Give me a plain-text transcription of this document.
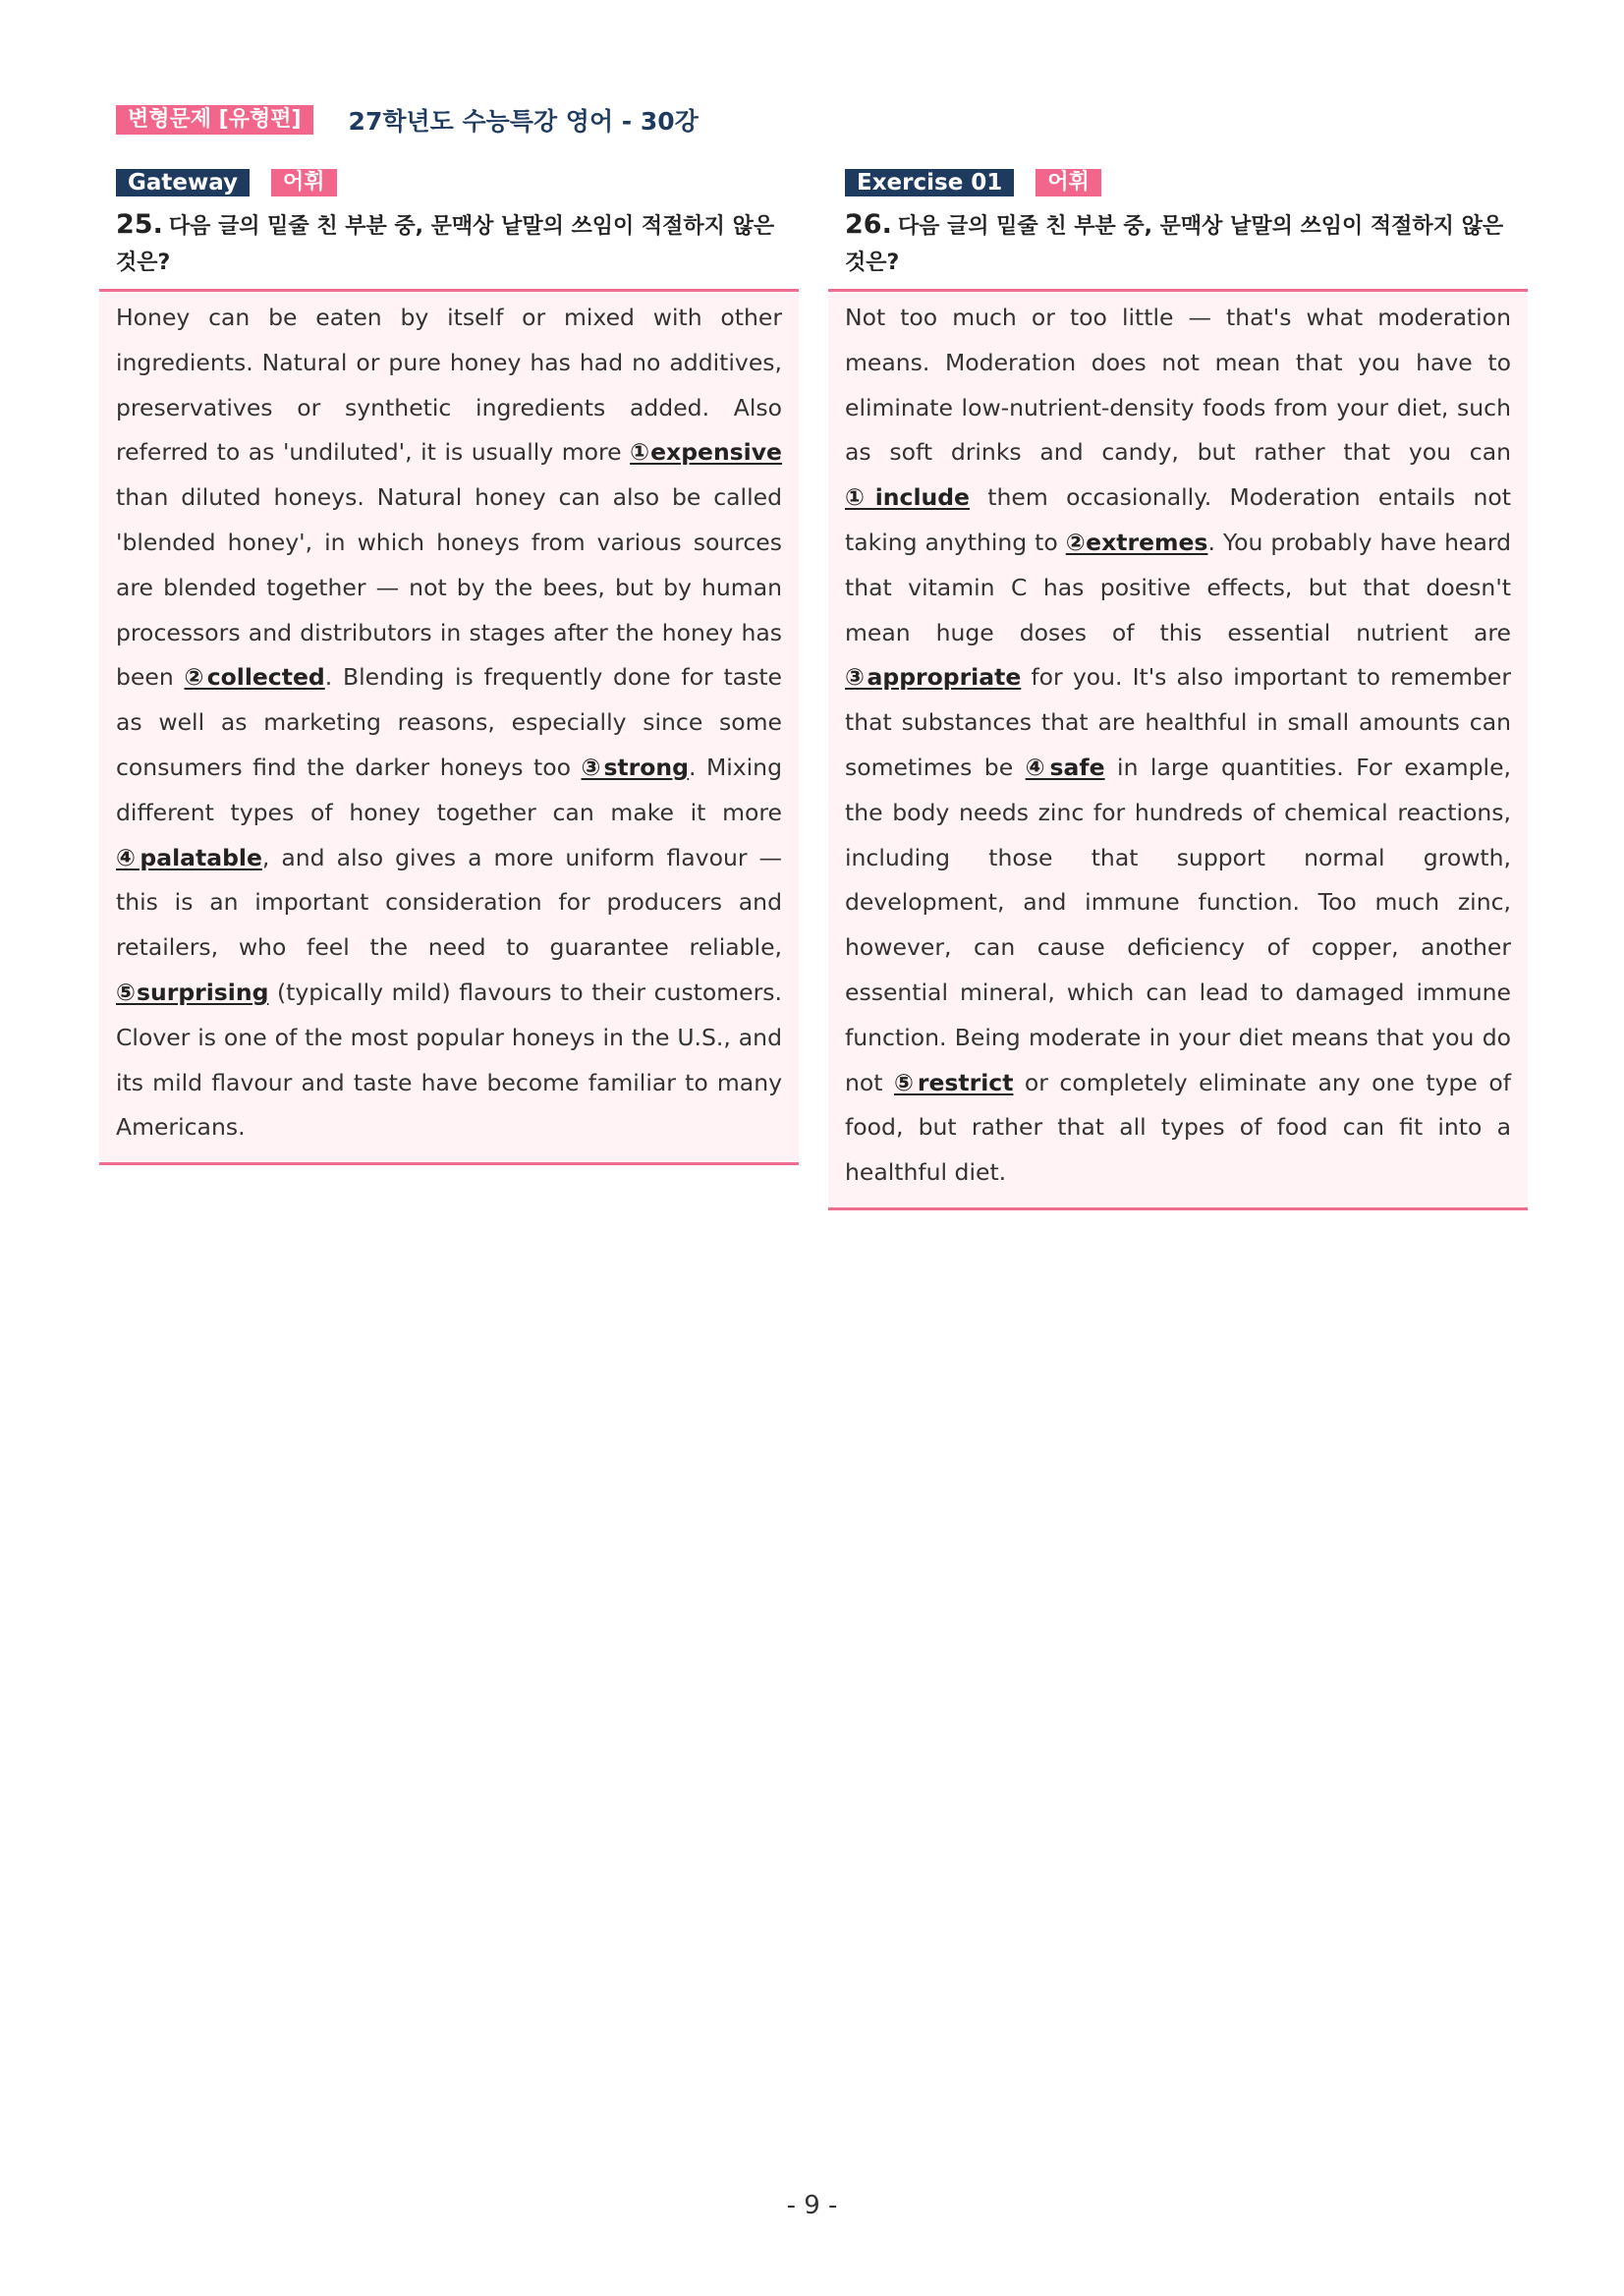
변형문제 [유형편]	27학년도 수능특강 영어 - 30강
Gateway	어휘
25. 다음 글의 밑줄 친 부분 중, 문맥상 낱말의 쓰임이 적절하지 않은 것은?

Honey can be eaten by itself or mixed with other ingredients. Natural or pure honey has had no additives, preservatives or synthetic ingredients added. Also referred to as 'undiluted', it is usually more ①expensive than diluted honeys. Natural honey can also be called 'blended honey', in which honeys from various sources are blended together — not by the bees, but by human processors and distributors in stages after the honey has been ②collected. Blending is frequently done for taste as well as marketing reasons, especially since some consumers find the darker honeys too ③strong. Mixing different types of honey together can make it more ④palatable, and also gives a more uniform flavour — this is an important consideration for producers and retailers, who feel the need to guarantee reliable, ⑤surprising (typically mild) flavours to their customers. Clover is one of the most popular honeys in the U.S., and its mild flavour and taste have become familiar to many Americans.

Exercise 01	어휘
26. 다음 글의 밑줄 친 부분 중, 문맥상 낱말의 쓰임이 적절하지 않은 것은?

Not too much or too little — that's what moderation means. Moderation does not mean that you have to eliminate low-nutrient-density foods from your diet, such as soft drinks and candy, but rather that you can ①include them occasionally. Moderation entails not taking anything to ②extremes. You probably have heard that vitamin C has positive effects, but that doesn't mean huge doses of this essential nutrient are ③appropriate for you. It's also important to remember that substances that are healthful in small amounts can sometimes be ④safe in large quantities. For example, the body needs zinc for hundreds of chemical reactions, including those that support normal growth, development, and immune function. Too much zinc, however, can cause deficiency of copper, another essential mineral, which can lead to damaged immune function. Being moderate in your diet means that you do not ⑤restrict or completely eliminate any one type of food, but rather that all types of food can fit into a healthful diet.

- 9 -
